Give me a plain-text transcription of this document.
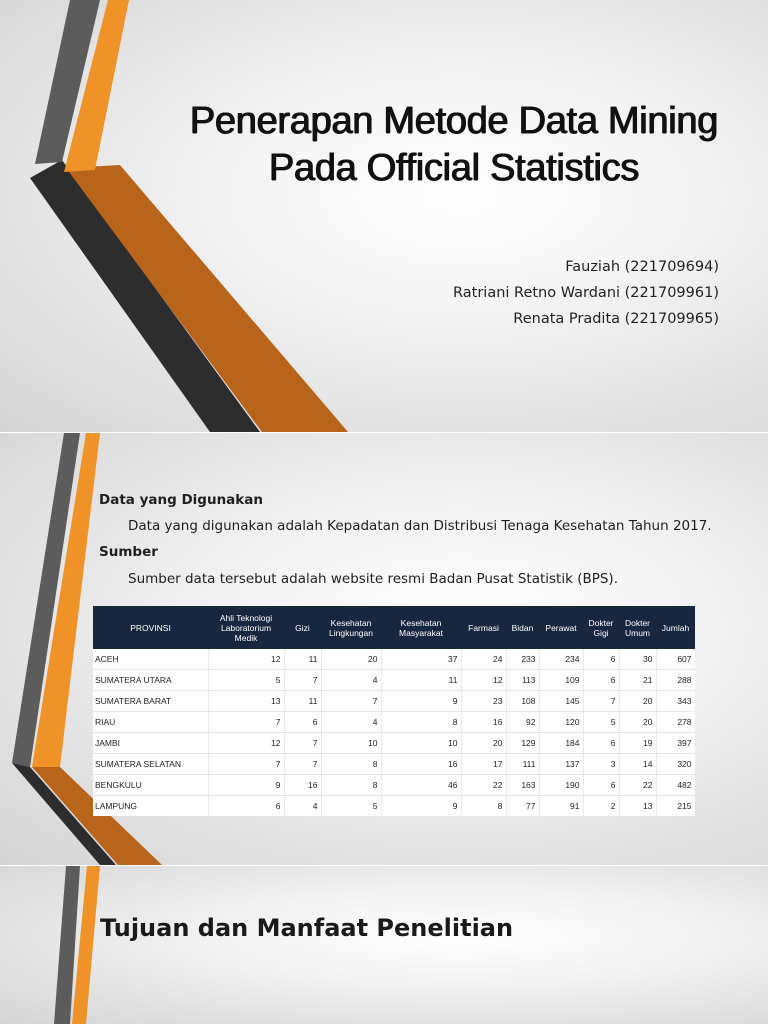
Penerapan Metode Data Mining
Pada Official Statistics
Fauziah (221709694)
Ratriani Retno Wardani (221709961)
Renata Pradita (221709965)
Data yang Digunakan
Data yang digunakan adalah Kepadatan dan Distribusi Tenaga Kesehatan Tahun 2017.
Sumber
Sumber data tersebut adalah website resmi Badan Pusat Statistik (BPS).
PROVINSI	Ahli Teknologi Laboratorium Medik	Gizi	Kesehatan Lingkungan	Kesehatan Masyarakat	Farmasi	Bidan	Perawat	Dokter Gigi	Dokter Umum	Jumlah
ACEH	12	11	20	37	24	233	234	6	30	607
SUMATERA UTARA	5	7	4	11	12	113	109	6	21	288
SUMATERA BARAT	13	11	7	9	23	108	145	7	20	343
RIAU	7	6	4	8	16	92	120	5	20	278
JAMBI	12	7	10	10	20	129	184	6	19	397
SUMATERA SELATAN	7	7	8	16	17	111	137	3	14	320
BENGKULU	9	16	8	46	22	163	190	6	22	482
LAMPUNG	6	4	5	9	8	77	91	2	13	215
Tujuan dan Manfaat Penelitian
